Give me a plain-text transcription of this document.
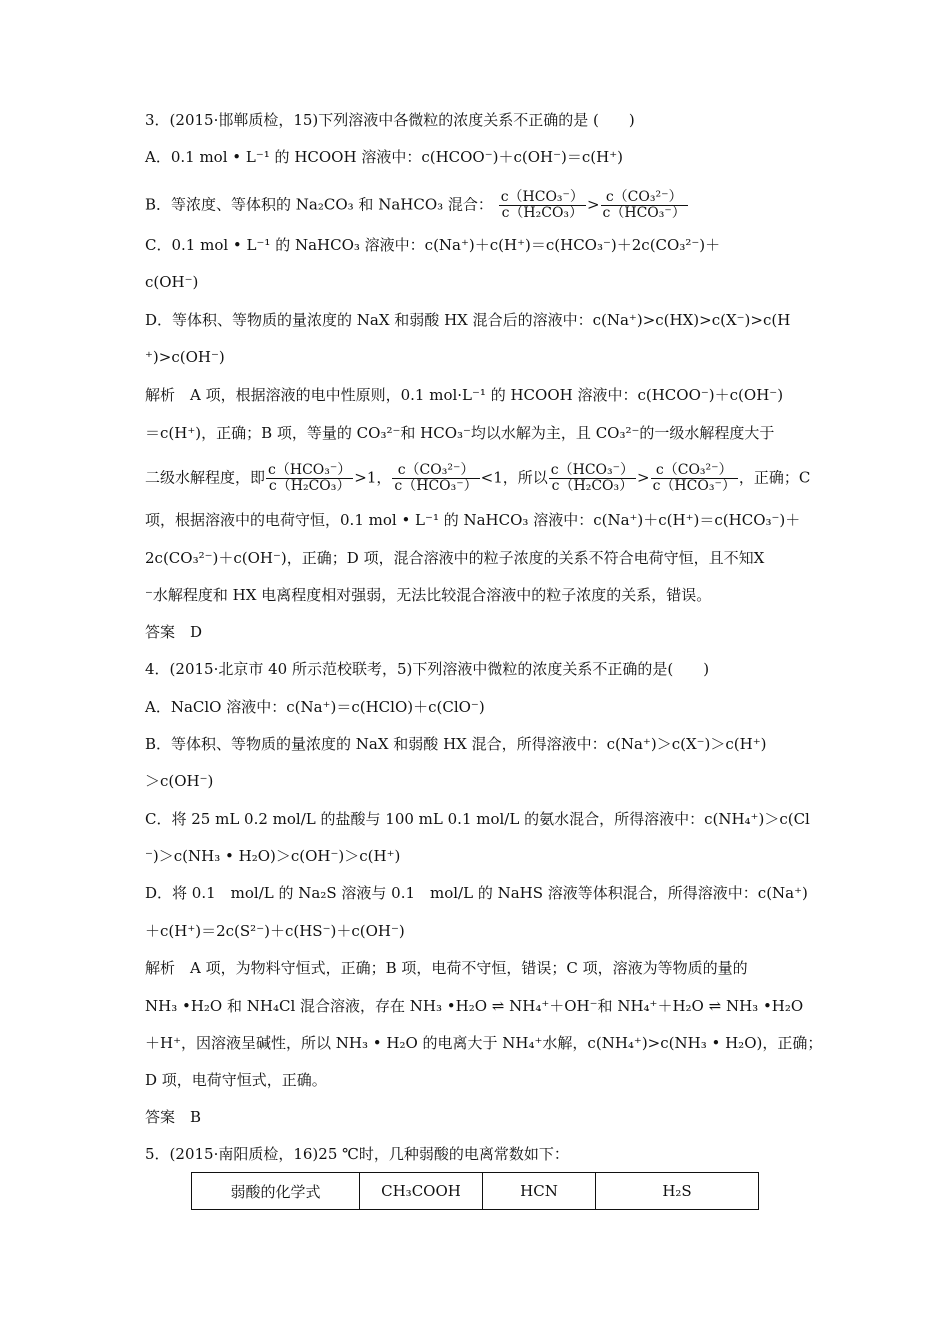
3．(2015·邯郸质检，15)下列溶液中各微粒的浓度关系不正确的是 (　　)
A．0.1 mol • L⁻¹ 的 HCOOH 溶液中：c(HCOO⁻)＋c(OH⁻)＝c(H⁺)
B．等浓度、等体积的 Na₂CO₃ 和 NaHCO₃ 混合： $\frac{\text{c（HCO₃⁻）}}{\text{c（H₂CO₃）}} > \frac{\text{c（CO₃²⁻）}}{\text{c（HCO₃⁻）}}$
C．0.1 mol • L⁻¹ 的 NaHCO₃ 溶液中：c(Na⁺)＋c(H⁺)＝c(HCO₃⁻)＋2c(CO₃²⁻)＋
c(OH⁻)
D．等体积、等物质的量浓度的 NaX 和弱酸 HX 混合后的溶液中：c(Na⁺)>c(HX)>c(X⁻)>c(H
⁺)>c(OH⁻)
解析　A 项，根据溶液的电中性原则，0.1 mol·L⁻¹ 的 HCOOH 溶液中：c(HCOO⁻)＋c(OH⁻)
＝c(H⁺)，正确；B 项，等量的 CO₃²⁻和 HCO₃⁻均以水解为主，且 CO₃²⁻的一级水解程度大于
二级水解程度，即 $\frac{\text{c（HCO₃⁻）}}{\text{c（H₂CO₃）}} >1$， $\frac{\text{c（CO₃²⁻）}}{\text{c（HCO₃⁻）}} <1$，所以 $\frac{\text{c（HCO₃⁻）}}{\text{c（H₂CO₃）}} > \frac{\text{c（CO₃²⁻）}}{\text{c（HCO₃⁻）}}$ ，正确；C
项，根据溶液中的电荷守恒，0.1 mol • L⁻¹ 的 NaHCO₃ 溶液中：c(Na⁺)＋c(H⁺)＝c(HCO₃⁻)＋
2c(CO₃²⁻)＋c(OH⁻)，正确；D 项，混合溶液中的粒子浓度的关系不符合电荷守恒，且不知X
⁻水解程度和 HX 电离程度相对强弱，无法比较混合溶液中的粒子浓度的关系，错误。
答案　D
4．(2015·北京市 40 所示范校联考，5)下列溶液中微粒的浓度关系不正确的是(　　)
A．NaClO 溶液中：c(Na⁺)＝c(HClO)＋c(ClO⁻)
B．等体积、等物质的量浓度的 NaX 和弱酸 HX 混合，所得溶液中：c(Na⁺)＞c(X⁻)＞c(H⁺)
＞c(OH⁻)
C．将 25 mL 0.2 mol/L 的盐酸与 100 mL 0.1 mol/L 的氨水混合，所得溶液中：c(NH₄⁺)＞c(Cl
⁻)＞c(NH₃ • H₂O)＞c(OH⁻)＞c(H⁺)
D．将 0.1　mol/L 的 Na₂S 溶液与 0.1　mol/L 的 NaHS 溶液等体积混合，所得溶液中：c(Na⁺)
＋c(H⁺)＝2c(S²⁻)＋c(HS⁻)＋c(OH⁻)
解析　A 项，为物料守恒式，正确；B 项，电荷不守恒，错误；C 项，溶液为等物质的量的
NH₃ •H₂O 和 NH₄Cl 混合溶液，存在 NH₃ •H₂O ⇌ NH₄⁺＋OH⁻和 NH₄⁺＋H₂O ⇌ NH₃ •H₂O
＋H⁺，因溶液呈碱性，所以 NH₃ • H₂O 的电离大于 NH₄⁺水解，c(NH₄⁺)>c(NH₃ • H₂O)，正确；
D 项，电荷守恒式，正确。
答案　B
5．(2015·南阳质检，16)25 ℃时，几种弱酸的电离常数如下：
弱酸的化学式	CH₃COOH	HCN	H₂S
